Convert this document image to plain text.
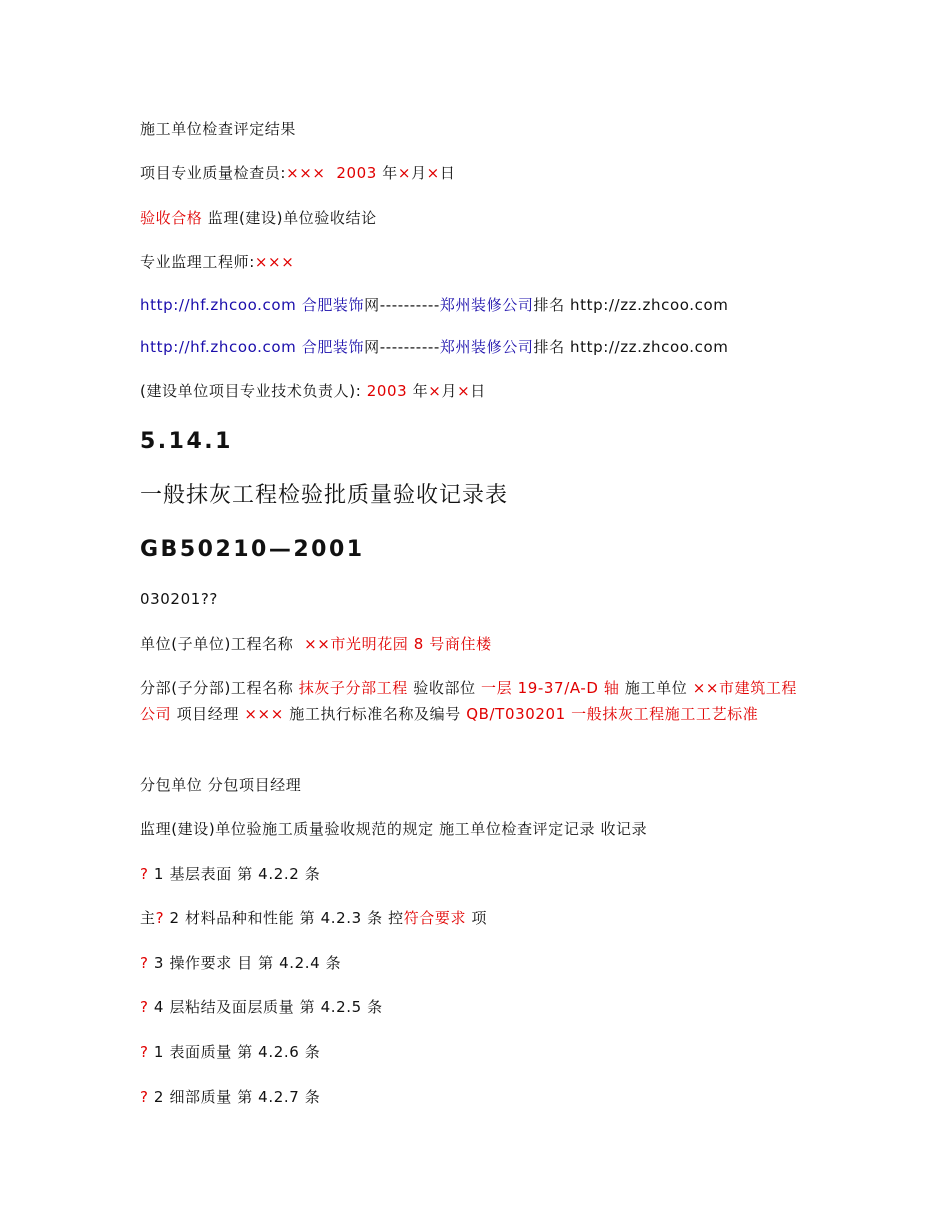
施工单位检查评定结果
项目专业质量检查员:××× 2003 年×月×日
验收合格 监理(建设)单位验收结论
专业监理工程师:×××
http://hf.zhcoo.com 合肥装饰网----------郑州装修公司排名 http://zz.zhcoo.com
http://hf.zhcoo.com 合肥装饰网----------郑州装修公司排名 http://zz.zhcoo.com
(建设单位项目专业技术负责人): 2003 年×月×日
5.14.1
一般抹灰工程检验批质量验收记录表
GB50210—2001
030201??
单位(子单位)工程名称 ××市光明花园 8 号商住楼
分部(子分部)工程名称 抹灰子分部工程 验收部位 一层 19-37/A-D 轴 施工单位 ××市建筑工程公司 项目经理 ××× 施工执行标准名称及编号 QB/T030201 一般抹灰工程施工工艺标准
分包单位 分包项目经理
监理(建设)单位验施工质量验收规范的规定 施工单位检查评定记录 收记录
? 1 基层表面 第 4.2.2 条
主? 2 材料品种和性能 第 4.2.3 条 控符合要求 项
? 3 操作要求 目 第 4.2.4 条
? 4 层粘结及面层质量 第 4.2.5 条
? 1 表面质量 第 4.2.6 条
? 2 细部质量 第 4.2.7 条
